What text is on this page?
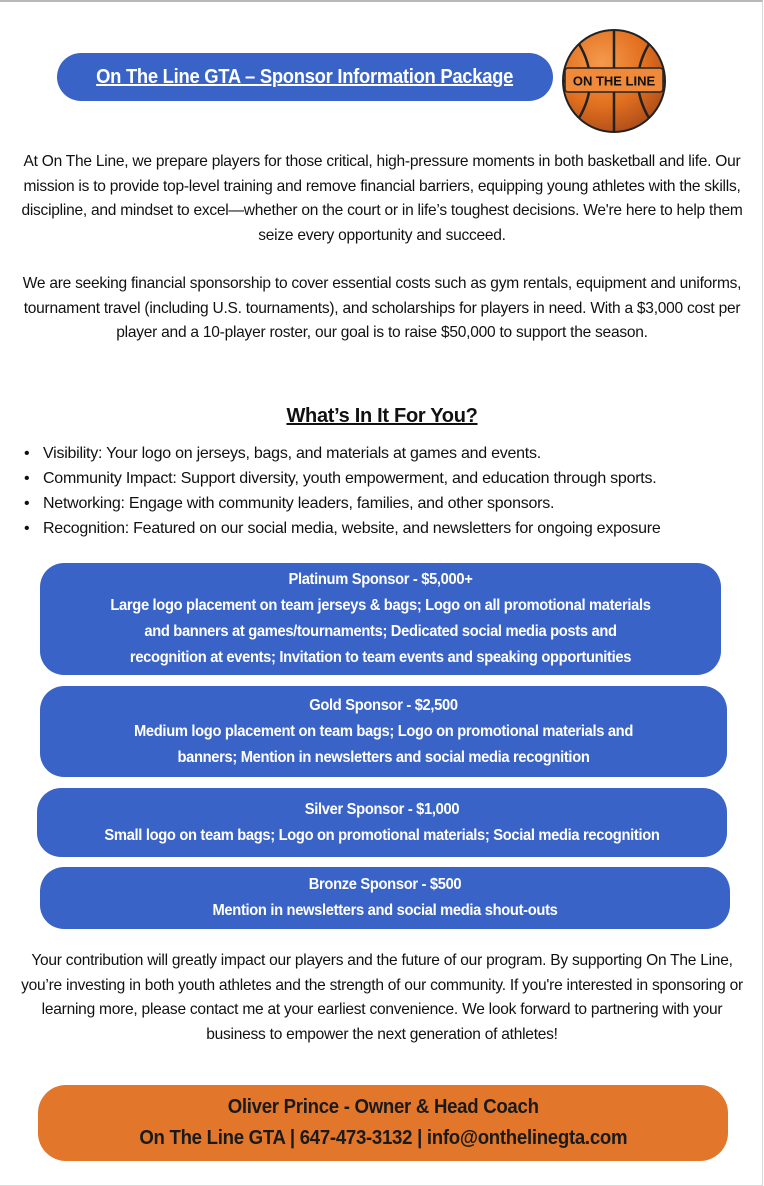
On The Line GTA – Sponsor Information Package	ON THE LINE

At On The Line, we prepare players for those critical, high-pressure moments in both basketball and life. Our mission is to provide top-level training and remove financial barriers, equipping young athletes with the skills, discipline, and mindset to excel—whether on the court or in life’s toughest decisions. We're here to help them seize every opportunity and succeed.

We are seeking financial sponsorship to cover essential costs such as gym rentals, equipment and uniforms, tournament travel (including U.S. tournaments), and scholarships for players in need. With a $3,000 cost per player and a 10-player roster, our goal is to raise $50,000 to support the season.

What’s In It For You?
• Visibility: Your logo on jerseys, bags, and materials at games and events.
• Community Impact: Support diversity, youth empowerment, and education through sports.
• Networking: Engage with community leaders, families, and other sponsors.
• Recognition: Featured on our social media, website, and newsletters for ongoing exposure
Platinum Sponsor - $5,000+
Large logo placement on team jerseys & bags; Logo on all promotional materials
and banners at games/tournaments; Dedicated social media posts and
recognition at events; Invitation to team events and speaking opportunities
Gold Sponsor - $2,500
Medium logo placement on team bags; Logo on promotional materials and
banners; Mention in newsletters and social media recognition
Silver Sponsor - $1,000
Small logo on team bags; Logo on promotional materials; Social media recognition
Bronze Sponsor - $500
Mention in newsletters and social media shout-outs

Your contribution will greatly impact our players and the future of our program. By supporting On The Line, you’re investing in both youth athletes and the strength of our community. If you're interested in sponsoring or learning more, please contact me at your earliest convenience. We look forward to partnering with your business to empower the next generation of athletes!

Oliver Prince - Owner & Head Coach
On The Line GTA | 647-473-3132 | info@onthelinegta.com
